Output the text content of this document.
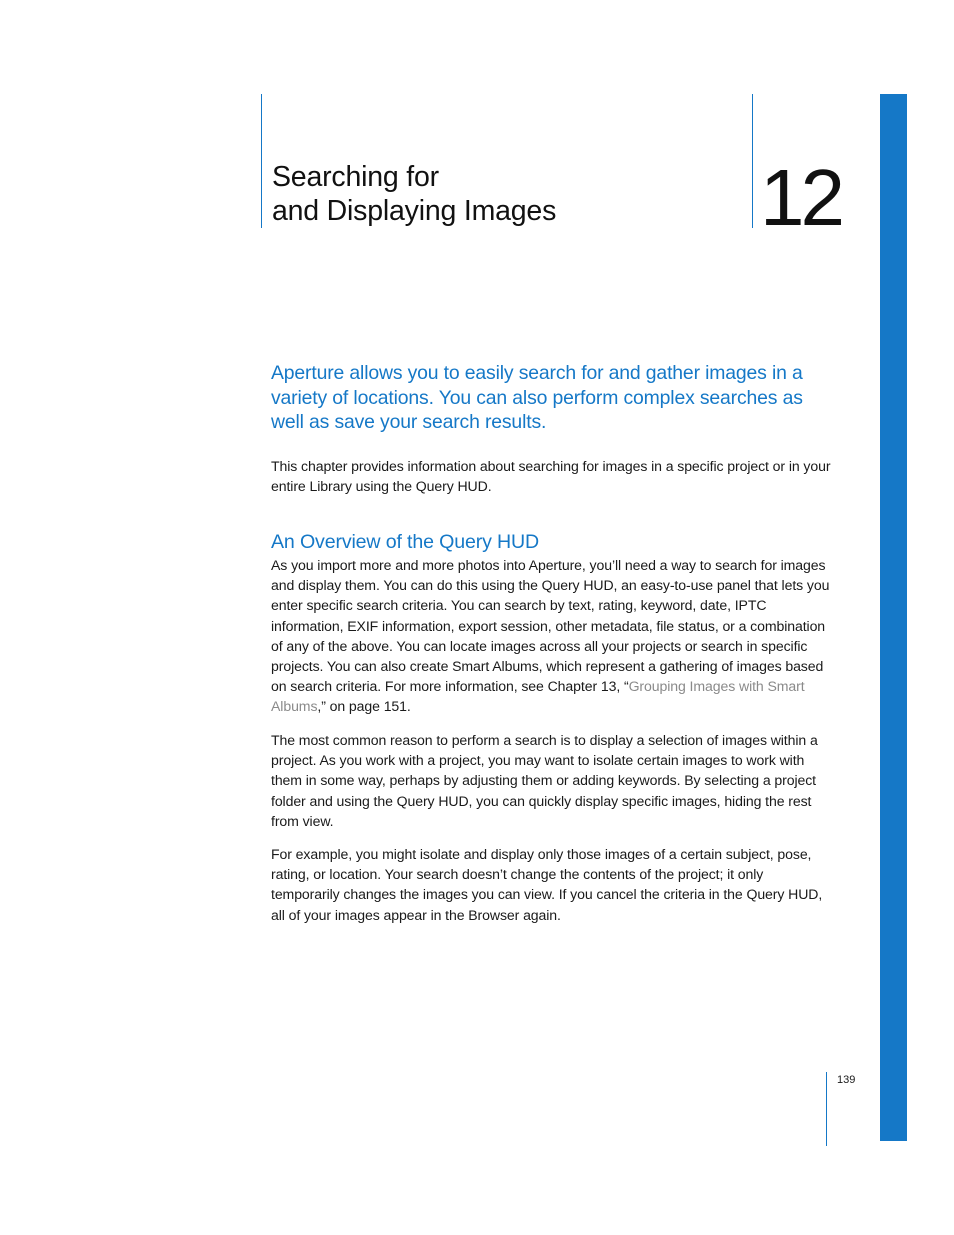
Searching for
and Displaying Images	12

Aperture allows you to easily search for and gather images in a variety of locations. You can also perform complex searches as well as save your search results.

This chapter provides information about searching for images in a specific project or in your entire Library using the Query HUD.

An Overview of the Query HUD

As you import more and more photos into Aperture, you’ll need a way to search for images and display them. You can do this using the Query HUD, an easy-to-use panel that lets you enter specific search criteria. You can search by text, rating, keyword, date, IPTC information, EXIF information, export session, other metadata, file status, or a combination of any of the above. You can locate images across all your projects or search in specific projects. You can also create Smart Albums, which represent a gathering of images based on search criteria. For more information, see Chapter 13, “Grouping Images with Smart Albums,” on page 151.

The most common reason to perform a search is to display a selection of images within a project. As you work with a project, you may want to isolate certain images to work with them in some way, perhaps by adjusting them or adding keywords. By selecting a project folder and using the Query HUD, you can quickly display specific images, hiding the rest from view.

For example, you might isolate and display only those images of a certain subject, pose, rating, or location. Your search doesn’t change the contents of the project; it only temporarily changes the images you can view. If you cancel the criteria in the Query HUD, all of your images appear in the Browser again.

139
